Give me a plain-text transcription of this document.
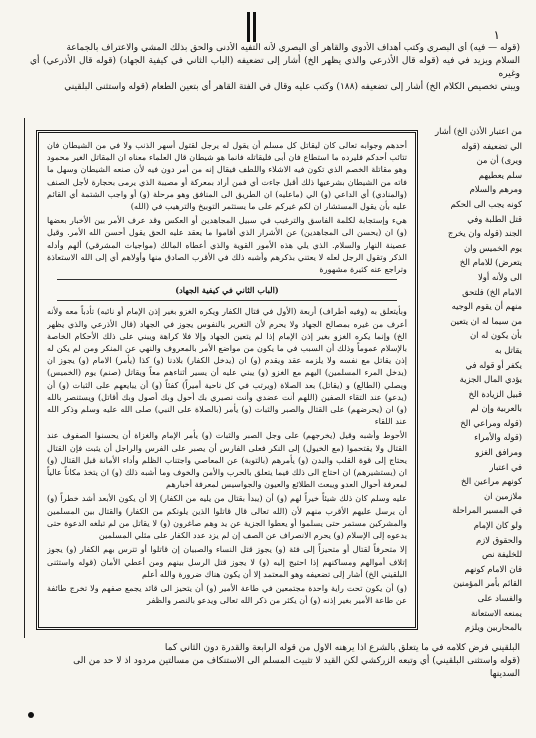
١

(قوله — فيه) أي البصري وكتب أهداف الأدوي والقاهر أي البصري لأنه التفيه الأدنى والحق بذلك المشي والاعتراف بالجماعة

السلام ويزيد في فيه (قوله قال الأذرعي والذي يظهر الخ) أشار إلى تضعيفه (الباب الثاني في كيفية الجهاد) (قوله قال الأذرعي) أي وغيره

ويبني تخصيص الكلام الخ) أشار إلى تضعيفه (١٨٨) وكتب عليه وقال في الفتة القاهر أي بتعين الطعام (قوله واستثنى البلقيني

أحدهم وجوابه تعالى كان ليقاتل كل مسلم أن يقول له يرجل لقتول أسهر الذنب ولا في من الشيطان فان تتائب أحدكم فليرده ما استطاع فان أبى فليقاتله فانما هو شيطان قال العلماء معناه ان المقاتل الغير محمود وهو مقاتلة الخصم الذي تكون فيه الاشلاء واللطف فيقال إنه من أمر دون فيه لأن صنعه الشيطان وسهل ما فاته من الشيطان بشرعيها ذلك أقبل جاءت أي فمن أراد بمعركة أو مصيبة الذي يرمى بحجارة لأجل الصنف (والمنادي) أي الداعي (و) الي (ماعليه) ان الطريق الى المنافق وهو مرحلة (و) أو واجب الشتمة أي القائم عليه بأن يقول المستشار ان لكم غيركم على ما يستثمر التوبيخ والترهيب في (الله)

هيء وإستجابة لكلمة الفاسق والترغيب في سبيل المجاهدين أو العكس وقد عرف الأمر بين الأخبار بعضها (و) ان (يحسن الى المجاهدين) عن الأشرار الذي أقاموا ما يعقد عليه الحق يقول أحسن الله الأمر. وقيل عصينة النهار والسلام. الذي يلي هذه الأمور القوية والذي أعطاه المالك (مواجيات المشرقي) ألهم وأدله الذكر وتقول الرجل لعله لا يعتني بذكرهم وأشبه ذلك في الأقرب الصادق منها وأولاهم أي إلى الله الاستعاذة وتراجع عنه كثيرة مشهورة

(الباب الثاني في كيفية الجهاد)

وبأيتعلق به (وفيه أطراف) أربعة (الأول في قتال الكفار ويكره الغزو بغير إذن الإمام أو نائبه) تأدباً معه ولأنه أعرف من غيره بمصالح الجهاد ولا يحرم لأن التغرير بالنفوس يجوز في الجهاد (قال الأذرعي والذي يظهر الخ) وإنما يكره الغزو بغير إذن الإمام إذا لم يتعين الجهاد وإلا فلا كراهة ويبني على ذلك الأحكام الخاصة بالإسلام عموماً وذلك أن السبب في ما يكون من مواضع الأمر بالمعروف والنهي عن المنكر ومن لم يكن له إذن يقاتل مع نفسه ولا يلزمه عقد ويقدم (و) ان (يدخل الكفار) بلادنا (و) كذا (يأمر) الامام (و) يجوز ان (يدخل المرء المسلمين) اليهم مع الغزو (و) يبني عليه أن يسير أثناءهم معاً ويقاتل (صنم) يوم (الخميس) ويصلي (الطالع) و (يقاتل) بعد الصلاة (ويرتب في كل ناحية أميراً) كفئاً (و) أن يبايعهم على الثبات (و) أن (يدعو) عند التقاء الصفين (اللهم أنت عضدي وأنت نصيري بك أحول وبك أصول وبك أقاتل) ويستنصر بالله (و) ان (يحرضهم) على القتال والصبر والثبات (و) يأمر (بالصلاة على النبي) صلى الله عليه وسلم وذكر الله عند اللقاء

الأحوط وأشبه وقيل (يخرجهم) على وجل الصبر والثبات (و) يأمر الإمام والغزاة أن يحسنوا الصفوف عند القتال ولا يقتحموا (مع الخيول) إلى النكر فعلى الفارس أن يصبر على الفرس والراجل أن يثبت فإن القتال يحتاج إلى قوة القلب والبدن (و) يأمرهم (بالتوبة) عن المعاصي واجتناب الظلم وأداء الأمانة قبل القتال (و) ان (يستشيرهم) ان احتاج الى ذلك فيما يتعلق بالحرب والأمن والخوف وما أشبه ذلك (و) ان يتخذ مكاناً عالياً لمعرفة أحوال العدو ويبعث الطلائع والعيون والجواسيس لمعرفة أخبارهم

عليه وسلم كان ذلك شيئاً خيراً لهم (و) أن (يبدأ بقتال من يليه من الكفار) إلا أن يكون الأبعد أشد خطراً (و) أن يرسل عليهم الأقرب منهم لأن (الله تعالى قال قاتلوا الذين يلونكم من الكفار) والقتال بين المسلمين والمشركين مستمر حتى يسلموا أو يعطوا الجزية عن يد وهم صاغرون (و) لا يقاتل من لم تبلغه الدعوة حتى يدعوه إلى الإسلام (و) يحرم الانصراف عن الصف إن لم يزد عدد الكفار على مثلي المسلمين

إلا متحرفاً لقتال أو متحيزاً إلى فئة (و) يجوز قتل النساء والصبيان إن قاتلوا أو تترس بهم الكفار (و) يجوز إتلاف أموالهم ومساكنهم إذا احتيج إليه (و) لا يجوز قتل الرسل بينهم ومن أعطي الأمان (قوله واستثنى البلقيني الخ) أشار إلى تضعيفه وهو المعتمد إلا أن يكون هناك ضرورة والله أعلم

(و) أن يكون تحت راية واحدة مجتمعين في طاعة الأمير (و) أن يتحيز الى قائد يجمع صفهم ولا تخرج طائفة عن طاعة الأمير بغير إذنه (و) أن يكثر من ذكر الله تعالى ويدعو بالنصر والظفر

من اعتبار الأذن الخ) أشار

الي تضعيفه (قوله

ويرى) أن من

سلم يعطيهم

ومرهم والسلام

كونه يجب الى الحكم

قتل الطلبة وفي

الجند (قوله وان يخرج

يوم الخميس وان

يتعرض) للامام الخ

الى ولأنه أولا

الامام الخ) فلتحق

منهم أن يقوم الوجيه

من سيما له ان يتعين

بأن يكون له ان

يقاتل به

يكفر أو قوله في

يؤدي المال الجزية

قبيل الزيادة الخ

بالعربية وإن لم

(قوله ومراعي الخ

(قوله والأمراء

ومرافق الغزو

في اعتبار

كونهم مراعين الخ

ملازمين ان

في المسير المراحلة

ولو كان الإمام

والحقوق لازم

للخليفة نص

فان الامام كونهم

القائم بأمر المؤمنين

والفساد على

يمنعه الاستعانة

بالمحاربين ويلزم

البلقيني فرض كلامه في ما يتعلق بالشرع اذا يرهنه الاول من قوله الرابعة والقدرة دون الثاني كما

(قوله واستثنى البلقيني) أي وتبعه الزركشي لكن القيد لا تثبيت المسلم الى الاستنكاف من مسالتين مردود اذ لا حد من الى

السدينها
